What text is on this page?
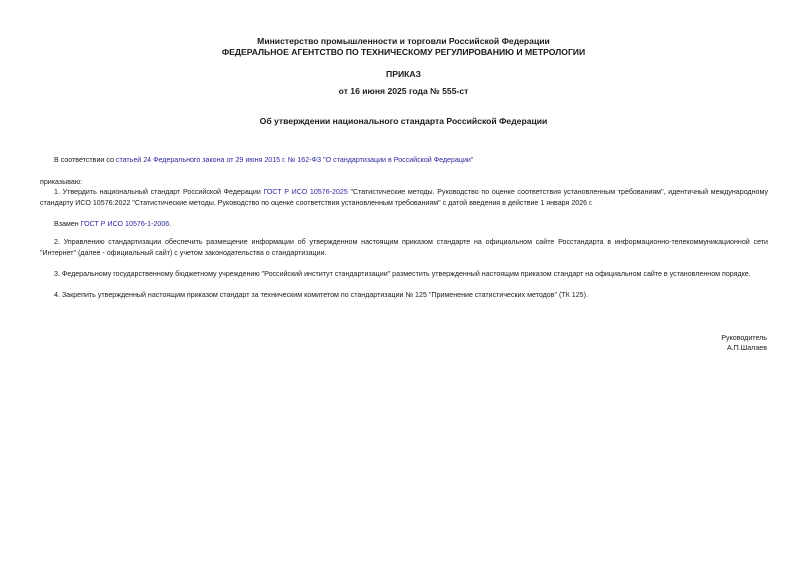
Министерство промышленности и торговли Российской Федерации
ФЕДЕРАЛЬНОЕ АГЕНТСТВО ПО ТЕХНИЧЕСКОМУ РЕГУЛИРОВАНИЮ И МЕТРОЛОГИИ
ПРИКАЗ
от 16 июня 2025 года № 555-ст
Об утверждении национального стандарта Российской Федерации
В соответствии со статьей 24 Федерального закона от 29 июня 2015 г. № 162-ФЗ "О стандартизации в Российской Федерации"
приказываю:
1. Утвердить национальный стандарт Российской Федерации ГОСТ Р ИСО 10576-2025 "Статистические методы. Руководство по оценке соответствия установленным требованиям", идентичный международному стандарту ИСО 10576:2022 "Статистические методы. Руководство по оценке соответствия установленным требованиям" с датой введения в действие 1 января 2026 г.
Взамен ГОСТ Р ИСО 10576-1-2006.
2. Управлению стандартизации обеспечить размещение информации об утвержденном настоящим приказом стандарте на официальном сайте Росстандарта в информационно-телекоммуникационной сети "Интернет" (далее - официальный сайт) с учетом законодательства о стандартизации.
3. Федеральному государственному бюджетному учреждению "Российский институт стандартизации" разместить утвержденный настоящим приказом стандарт на официальном сайте в установленном порядке.
4. Закрепить утвержденный настоящим приказом стандарт за техническим комитетом по стандартизации № 125 "Применение статистических методов" (ТК 125).
Руководитель
А.П.Шалаев
